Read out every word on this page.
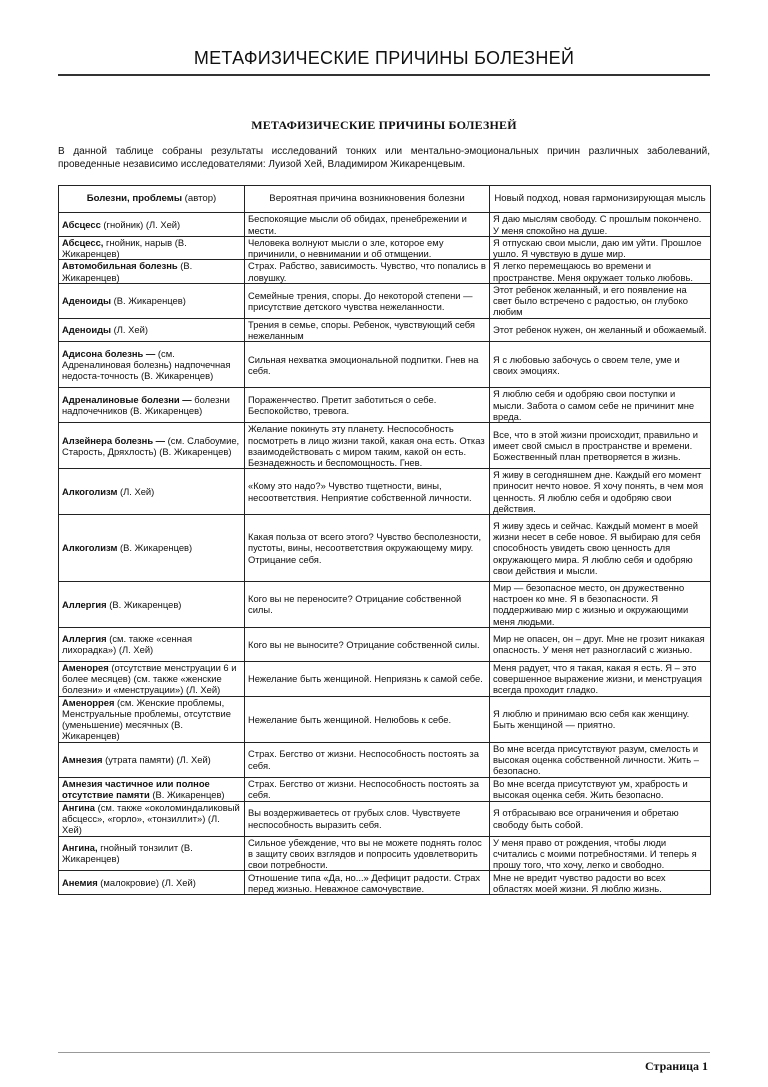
МЕТАФИЗИЧЕСКИЕ ПРИЧИНЫ БОЛЕЗНЕЙ
МЕТАФИЗИЧЕСКИЕ ПРИЧИНЫ БОЛЕЗНЕЙ
В данной таблице собраны результаты исследований тонких или ментально-эмоциональных причин различных заболеваний, проведенные независимо исследователями: Луизой Хей, Владимиром Жикаренцевым.
Болезни, проблемы (автор)	Вероятная причина возникновения болезни	Новый подход, новая гармонизирующая мысль
Абсцесс (гнойник) (Л. Хей)	Беспокоящие мысли об обидах, пренебрежении и мести.	Я даю мыслям свободу. С прошлым покончено. У меня спокойно на душе.
Абсцесс, гнойник, нарыв (В. Жикаренцев)	Человека волнуют мысли о зле, которое ему причинили, о невнимании и об отмщении.	Я отпускаю свои мысли, даю им уйти. Прошлое ушло. Я чувствую в душе мир.
Автомобильная болезнь (В. Жикаренцев)	Страх. Рабство, зависимость. Чувство, что попались в ловушку.	Я легко перемещаюсь во времени и пространстве. Меня окружает только любовь.
Аденоиды (В. Жикаренцев)	Семейные трения, споры. До некоторой степени — присутствие детского чувства нежеланности.	Этот ребенок желанный, и его появление на свет было встречено с радостью, он глубоко любим
Аденоиды (Л. Хей)	Трения в семье, споры. Ребенок, чувствующий себя нежеланным	Этот ребенок нужен, он желанный и обожаемый.
Адисона болезнь — (см. Адреналиновая болезнь) надпочечная недоста-точность (В. Жикаренцев)	Сильная нехватка эмоциональной подпитки. Гнев на себя.	Я с любовью забочусь о своем теле, уме и своих эмоциях.
Адреналиновые болезни — болезни надпочечников (В. Жикаренцев)	Пораженчество. Претит заботиться о себе. Беспокойство, тревога.	Я люблю себя и одобряю свои поступки и мысли. Забота о самом себе не причинит мне вреда.
Алзейнера болезнь — (см. Слабоумие, Старость, Дряхлость) (В. Жикаренцев)	Желание покинуть эту планету. Неспособность посмотреть в лицо жизни такой, какая она есть. Отказ взаимодействовать с миром таким, какой он есть. Безнадежность и беспомощность. Гнев.	Все, что в этой жизни происходит, правильно и имеет свой смысл в пространстве и времени. Божественный план претворяется в жизнь.
Алкоголизм (Л. Хей)	«Кому это надо?» Чувство тщетности, вины, несоответствия. Неприятие собственной личности.	Я живу в сегодняшнем дне. Каждый его момент приносит нечто новое. Я хочу понять, в чем моя ценность. Я люблю себя и одобряю свои действия.
Алкоголизм (В. Жикаренцев)	Какая польза от всего этого? Чувство бесполезности, пустоты, вины, несоответствия окружающему миру. Отрицание себя.	Я живу здесь и сейчас. Каждый момент в моей жизни несет в себе новое. Я выбираю для себя способность увидеть свою ценность для окружающего мира. Я люблю себя и одобряю свои действия и мысли.
Аллергия (В. Жикаренцев)	Кого вы не переносите? Отрицание собственной силы.	Мир — безопасное место, он дружественно настроен ко мне. Я в безопасности. Я поддерживаю мир с жизнью и окружающими меня людьми.
Аллергия (см. также «сенная лихорадка») (Л. Хей)	Кого вы не выносите? Отрицание собственной силы.	Мир не опасен, он – друг. Мне не грозит никакая опасность. У меня нет разногласий с жизнью.
Аменорея (отсутствие менструации 6 и более месяцев) (см. также «женские болезни» и «менструации») (Л. Хей)	Нежелание быть женщиной. Неприязнь к самой себе.	Меня радует, что я такая, какая я есть. Я – это совершенное выражение жизни, и менструация всегда проходит гладко.
Аменоррея (см. Женские проблемы, Менструальные проблемы, отсутствие (уменьшение) месячных (В. Жикаренцев)	Нежелание быть женщиной. Нелюбовь к себе.	Я люблю и принимаю всю себя как женщину. Быть женщиной — приятно.
Амнезия (утрата памяти) (Л. Хей)	Страх. Бегство от жизни. Неспособность постоять за себя.	Во мне всегда присутствуют разум, смелость и высокая оценка собственной личности. Жить – безопасно.
Амнезия частичное или полное отсутствие памяти (В. Жикаренцев)	Страх. Бегство от жизни. Неспособность постоять за себя.	Во мне всегда присутствуют ум, храбрость и высокая оценка себя. Жить безопасно.
Ангина (см. также «околоминдаликовый абсцесс», «горло», «тонзиллит») (Л. Хей)	Вы воздерживаетесь от грубых слов. Чувствуете неспособность выразить себя.	Я отбрасываю все ограничения и обретаю свободу быть собой.
Ангина, гнойный тонзилит (В. Жикаренцев)	Сильное убеждение, что вы не можете поднять голос в защиту своих взглядов и попросить удовлетворить свои потребности.	У меня право от рождения, чтобы люди считались с моими потребностями. И теперь я прошу того, что хочу, легко и свободно.
Анемия (малокровие) (Л. Хей)	Отношение типа «Да, но...» Дефицит радости. Страх перед жизнью. Неважное самочувствие.	Мне не вредит чувство радости во всех областях моей жизни. Я люблю жизнь.
Страница 1
